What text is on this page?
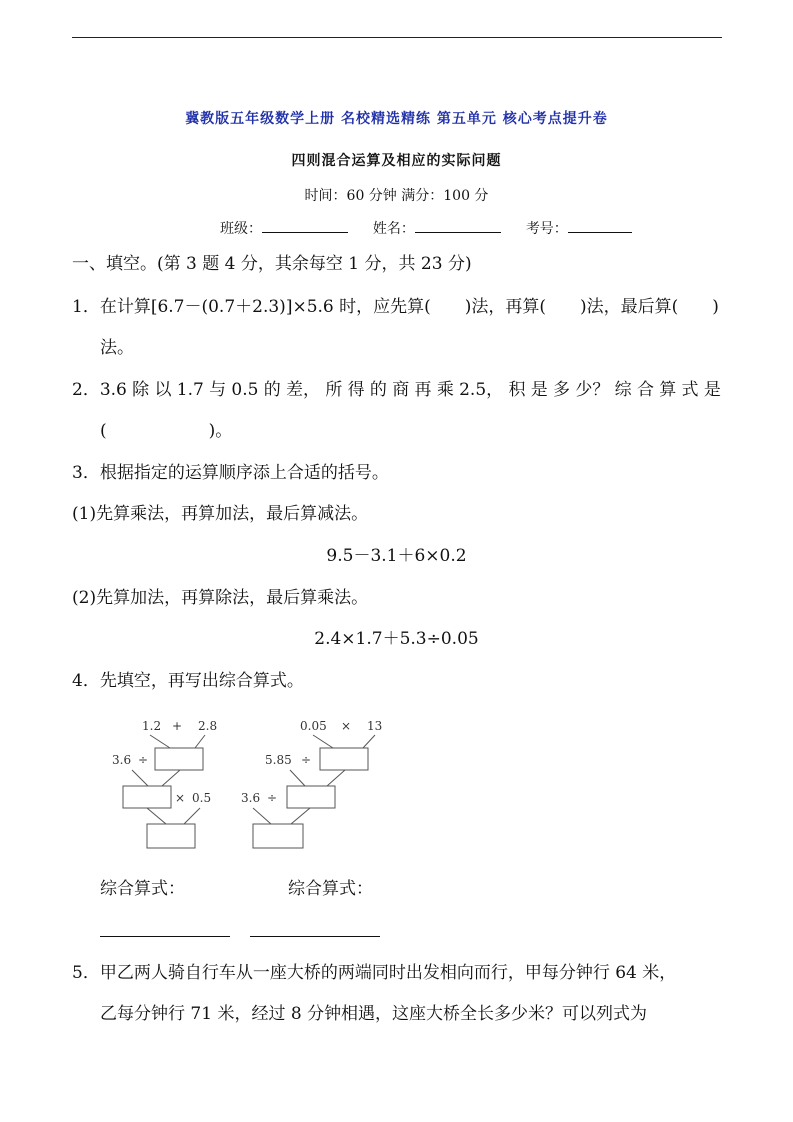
冀教版五年级数学上册 名校精选精练 第五单元 核心考点提升卷
四则混合运算及相应的实际问题
时间：60 分钟 满分：100 分
班级：	姓名：	考号：
一、填空。(第 3 题 4 分，其余每空 1 分，共 23 分)
1．在计算[6.7－(0.7＋2.3)]×5.6 时，应先算(　　)法，再算(　　)法，最后算(　　)
法。
2．3.6 除 以 1.7 与 0.5 的 差， 所 得 的 商 再 乘 2.5， 积 是 多 少？ 综 合 算 式 是
(　　　　　　)。
3．根据指定的运算顺序添上合适的括号。
(1)先算乘法，再算加法，最后算减法。
9.5－3.1＋6×0.2
(2)先算加法，再算除法，最后算乘法。
2.4×1.7＋5.3÷0.05
4．先填空，再写出综合算式。
1.2 + 2.8
3.6 ÷
× 0.5
0.05 × 13
5.85 ÷
3.6 ÷
综合算式：	综合算式：
5．甲乙两人骑自行车从一座大桥的两端同时出发相向而行，甲每分钟行 64 米，
乙每分钟行 71 米，经过 8 分钟相遇，这座大桥全长多少米？可以列式为
